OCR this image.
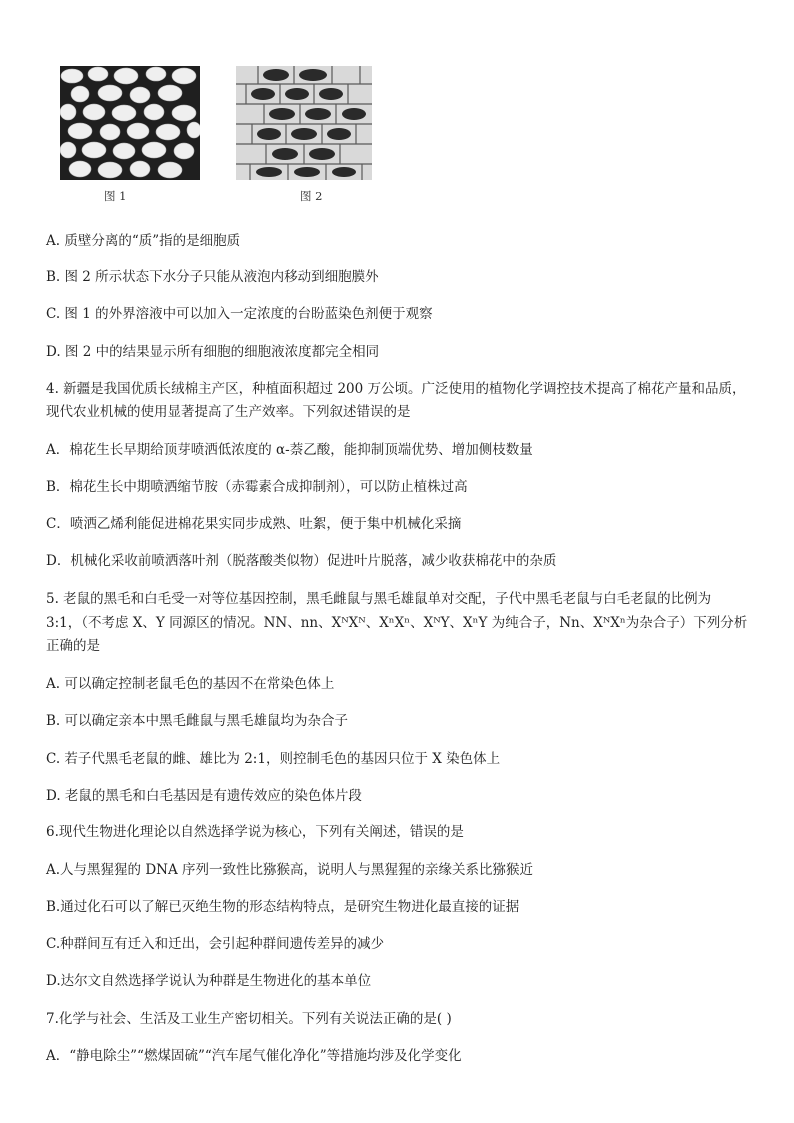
图 1	图 2
A. 质壁分离的“质”指的是细胞质
B. 图 2 所示状态下水分子只能从液泡内移动到细胞膜外
C. 图 1 的外界溶液中可以加入一定浓度的台盼蓝染色剂便于观察
D. 图 2 中的结果显示所有细胞的细胞液浓度都完全相同
4. 新疆是我国优质长绒棉主产区，种植面积超过 200 万公顷。广泛使用的植物化学调控技术提高了棉花产量和品质，
现代农业机械的使用显著提高了生产效率。下列叙述错误的是
A．棉花生长早期给顶芽喷洒低浓度的 α-萘乙酸，能抑制顶端优势、增加侧枝数量
B．棉花生长中期喷洒缩节胺（赤霉素合成抑制剂），可以防止植株过高
C．喷洒乙烯利能促进棉花果实同步成熟、吐絮，便于集中机械化采摘
D．机械化采收前喷洒落叶剂（脱落酸类似物）促进叶片脱落，减少收获棉花中的杂质
5. 老鼠的黑毛和白毛受一对等位基因控制，黑毛雌鼠与黑毛雄鼠单对交配，子代中黑毛老鼠与白毛老鼠的比例为
3:1，（不考虑 X、Y 同源区的情况。NN、nn、XᴺXᴺ、XⁿXⁿ、XᴺY、XⁿY 为纯合子，Nn、XᴺXⁿ为杂合子）下列分析
正确的是
A. 可以确定控制老鼠毛色的基因不在常染色体上
B. 可以确定亲本中黑毛雌鼠与黑毛雄鼠均为杂合子
C. 若子代黑毛老鼠的雌、雄比为 2:1，则控制毛色的基因只位于 X 染色体上
D. 老鼠的黑毛和白毛基因是有遗传效应的染色体片段
6.现代生物进化理论以自然选择学说为核心，下列有关阐述，错误的是
A.人与黑猩猩的 DNA 序列一致性比猕猴高，说明人与黑猩猩的亲缘关系比猕猴近
B.通过化石可以了解已灭绝生物的形态结构特点，是研究生物进化最直接的证据
C.种群间互有迁入和迁出，会引起种群间遗传差异的减少
D.达尔文自然选择学说认为种群是生物进化的基本单位
7.化学与社会、生活及工业生产密切相关。下列有关说法正确的是( )
A．“静电除尘”“燃煤固硫”“汽车尾气催化净化”等措施均涉及化学变化
